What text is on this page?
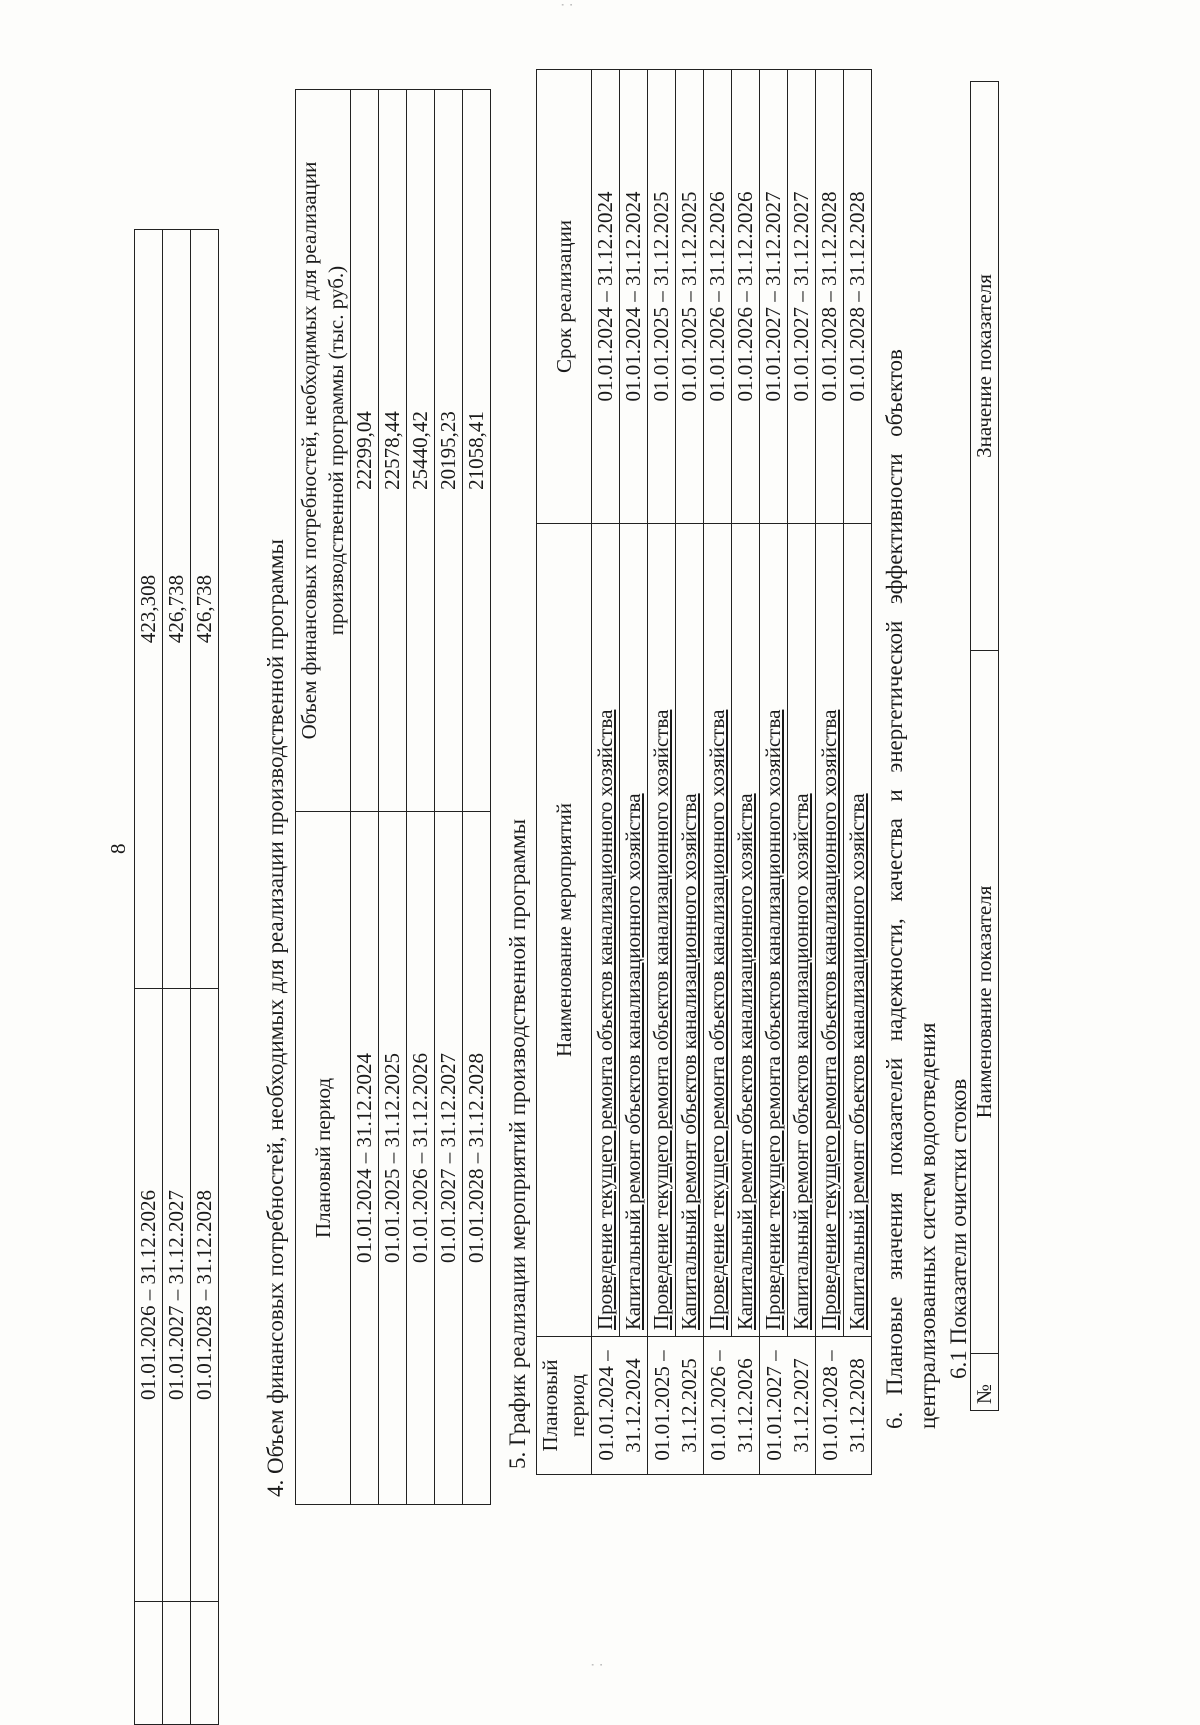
8
	01.01.2026 – 31.12.2026	423,308
	01.01.2027 – 31.12.2027	426,738
	01.01.2028 – 31.12.2028	426,738 4. Объем финансовых потребностей, необходимых для реализации производственной программы Плановый период	Объем финансовых потребностей, необходимых для реализации производственной программы (тыс. руб.)

01.01.2024 – 31.12.2024	22299,04
01.01.2025 – 31.12.2025	22578,44
01.01.2026 – 31.12.2026	25440,42
01.01.2027 – 31.12.2027	20195,23
01.01.2028 – 31.12.2028	21058,41
5. График реализации мероприятий производственной программы Плановый период	Наименование мероприятий	Срок реализации

01.01.2024 – 31.12.2024	Проведение текущего ремонта объектов канализационного хозяйства	01.01.2024 – 31.12.2024
	Капитальный ремонт объектов канализационного хозяйства	01.01.2024 – 31.12.2024

01.01.2025 – 31.12.2025	Проведение текущего ремонта объектов канализационного хозяйства	01.01.2025 – 31.12.2025
	Капитальный ремонт объектов канализационного хозяйства	01.01.2025 – 31.12.2025

01.01.2026 – 31.12.2026	Проведение текущего ремонта объектов канализационного хозяйства	01.01.2026 – 31.12.2026
	Капитальный ремонт объектов канализационного хозяйства	01.01.2026 – 31.12.2026

01.01.2027 – 31.12.2027	Проведение текущего ремонта объектов канализационного хозяйства	01.01.2027 – 31.12.2027
	Капитальный ремонт объектов канализационного хозяйства	01.01.2027 – 31.12.2027

01.01.2028 – 31.12.2028	Проведение текущего ремонта объектов канализационного хозяйства	01.01.2028 – 31.12.2028
	Капитальный ремонт объектов канализационного хозяйства	01.01.2028 – 31.12.2028
6.
Плановые
значения
показателей
надежности,
качества
и
энергетической
эффективности
объектов
централизованных систем водоотведения 6.1 Показатели очистки стоков
№	Наименование показателя	Значение показателя
⁚
⁚
